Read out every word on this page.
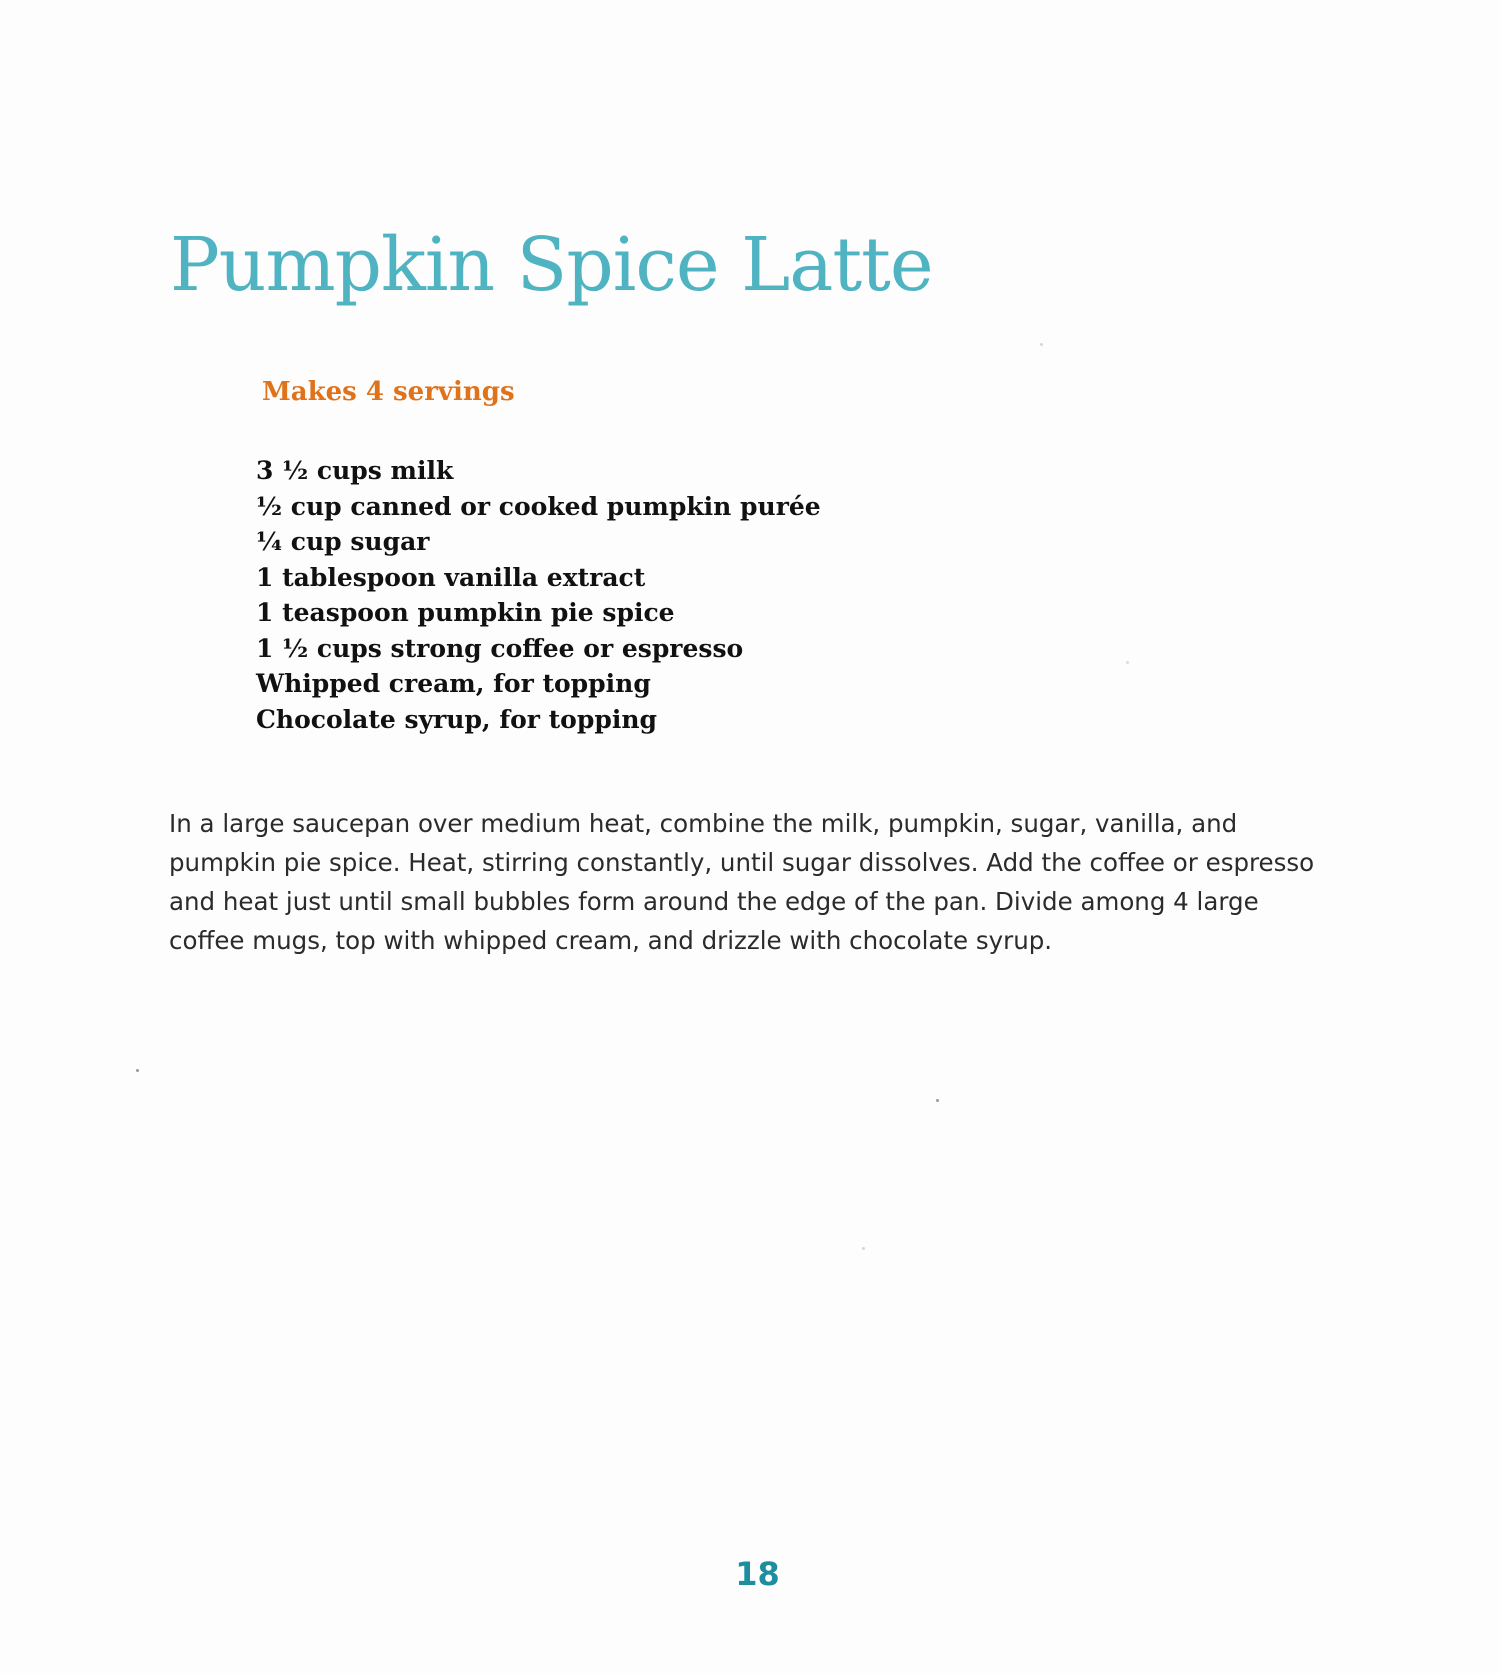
Pumpkin Spice Latte
Makes 4 servings
3 ½ cups milk
½ cup canned or cooked pumpkin purée
¼ cup sugar
1 tablespoon vanilla extract
1 teaspoon pumpkin pie spice
1 ½ cups strong coffee or espresso
Whipped cream, for topping
Chocolate syrup, for topping

In a large saucepan over medium heat, combine the milk, pumpkin, sugar, vanilla, and pumpkin pie spice. Heat, stirring constantly, until sugar dissolves. Add the coffee or espresso and heat just until small bubbles form around the edge of the pan. Divide among 4 large coffee mugs, top with whipped cream, and drizzle with chocolate syrup.

18
